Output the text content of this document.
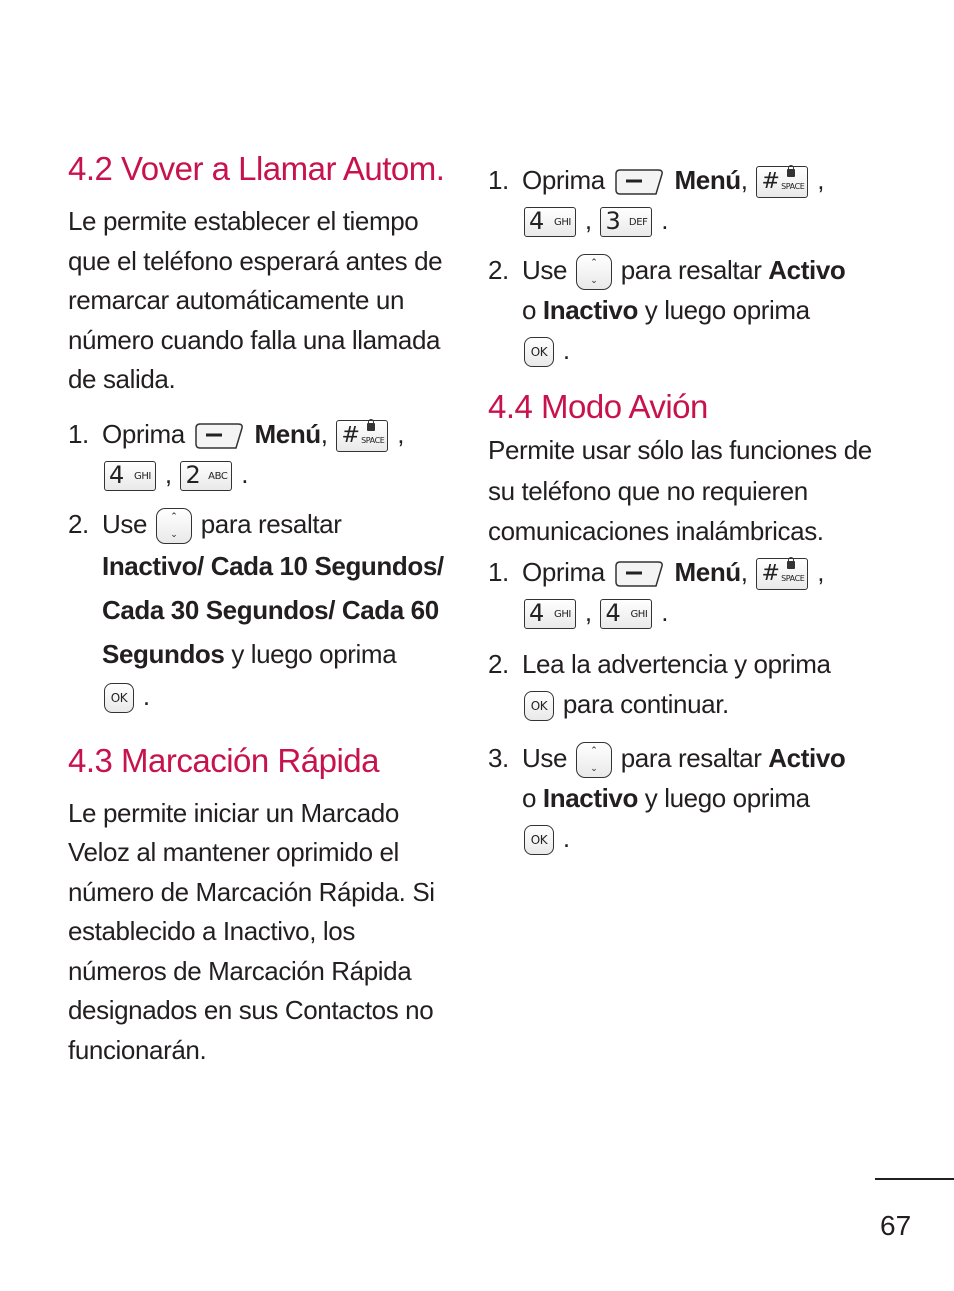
4.2 Vover a Llamar Autom.

Le permite establecer el tiempo que el teléfono esperará antes de remarcar automáticamente un número cuando falla una llamada de salida.

1. Oprima	Menú, # SPACE ,

4 GHI , 2 ABC .
2. Use	⌃
⌄ para resaltar
Inactivo/ Cada 10 Segundos/ Cada 30 Segundos/ Cada 60 Segundos y luego oprima

OK .
4.3 Marcación Rápida

Le permite iniciar un Marcado Veloz al mantener oprimido el número de Marcación Rápida. Si establecido a Inactivo, los números de Marcación Rápida designados en sus Contactos no funcionarán.

1. Oprima	Menú, # SPACE ,

4 GHI , 3 DEF .
2. Use	⌃
⌄ para resaltar Activo
o Inactivo y luego oprima

OK .
4.4 Modo Avión

Permite usar sólo las funciones de su teléfono que no requieren comunicaciones inalámbricas.

1. Oprima	Menú, # SPACE ,

4 GHI , 4 GHI .
2. Lea la advertencia y oprima

OK para continuar.
3. Use	⌃
⌄ para resaltar Activo
o Inactivo y luego oprima

OK .
67
